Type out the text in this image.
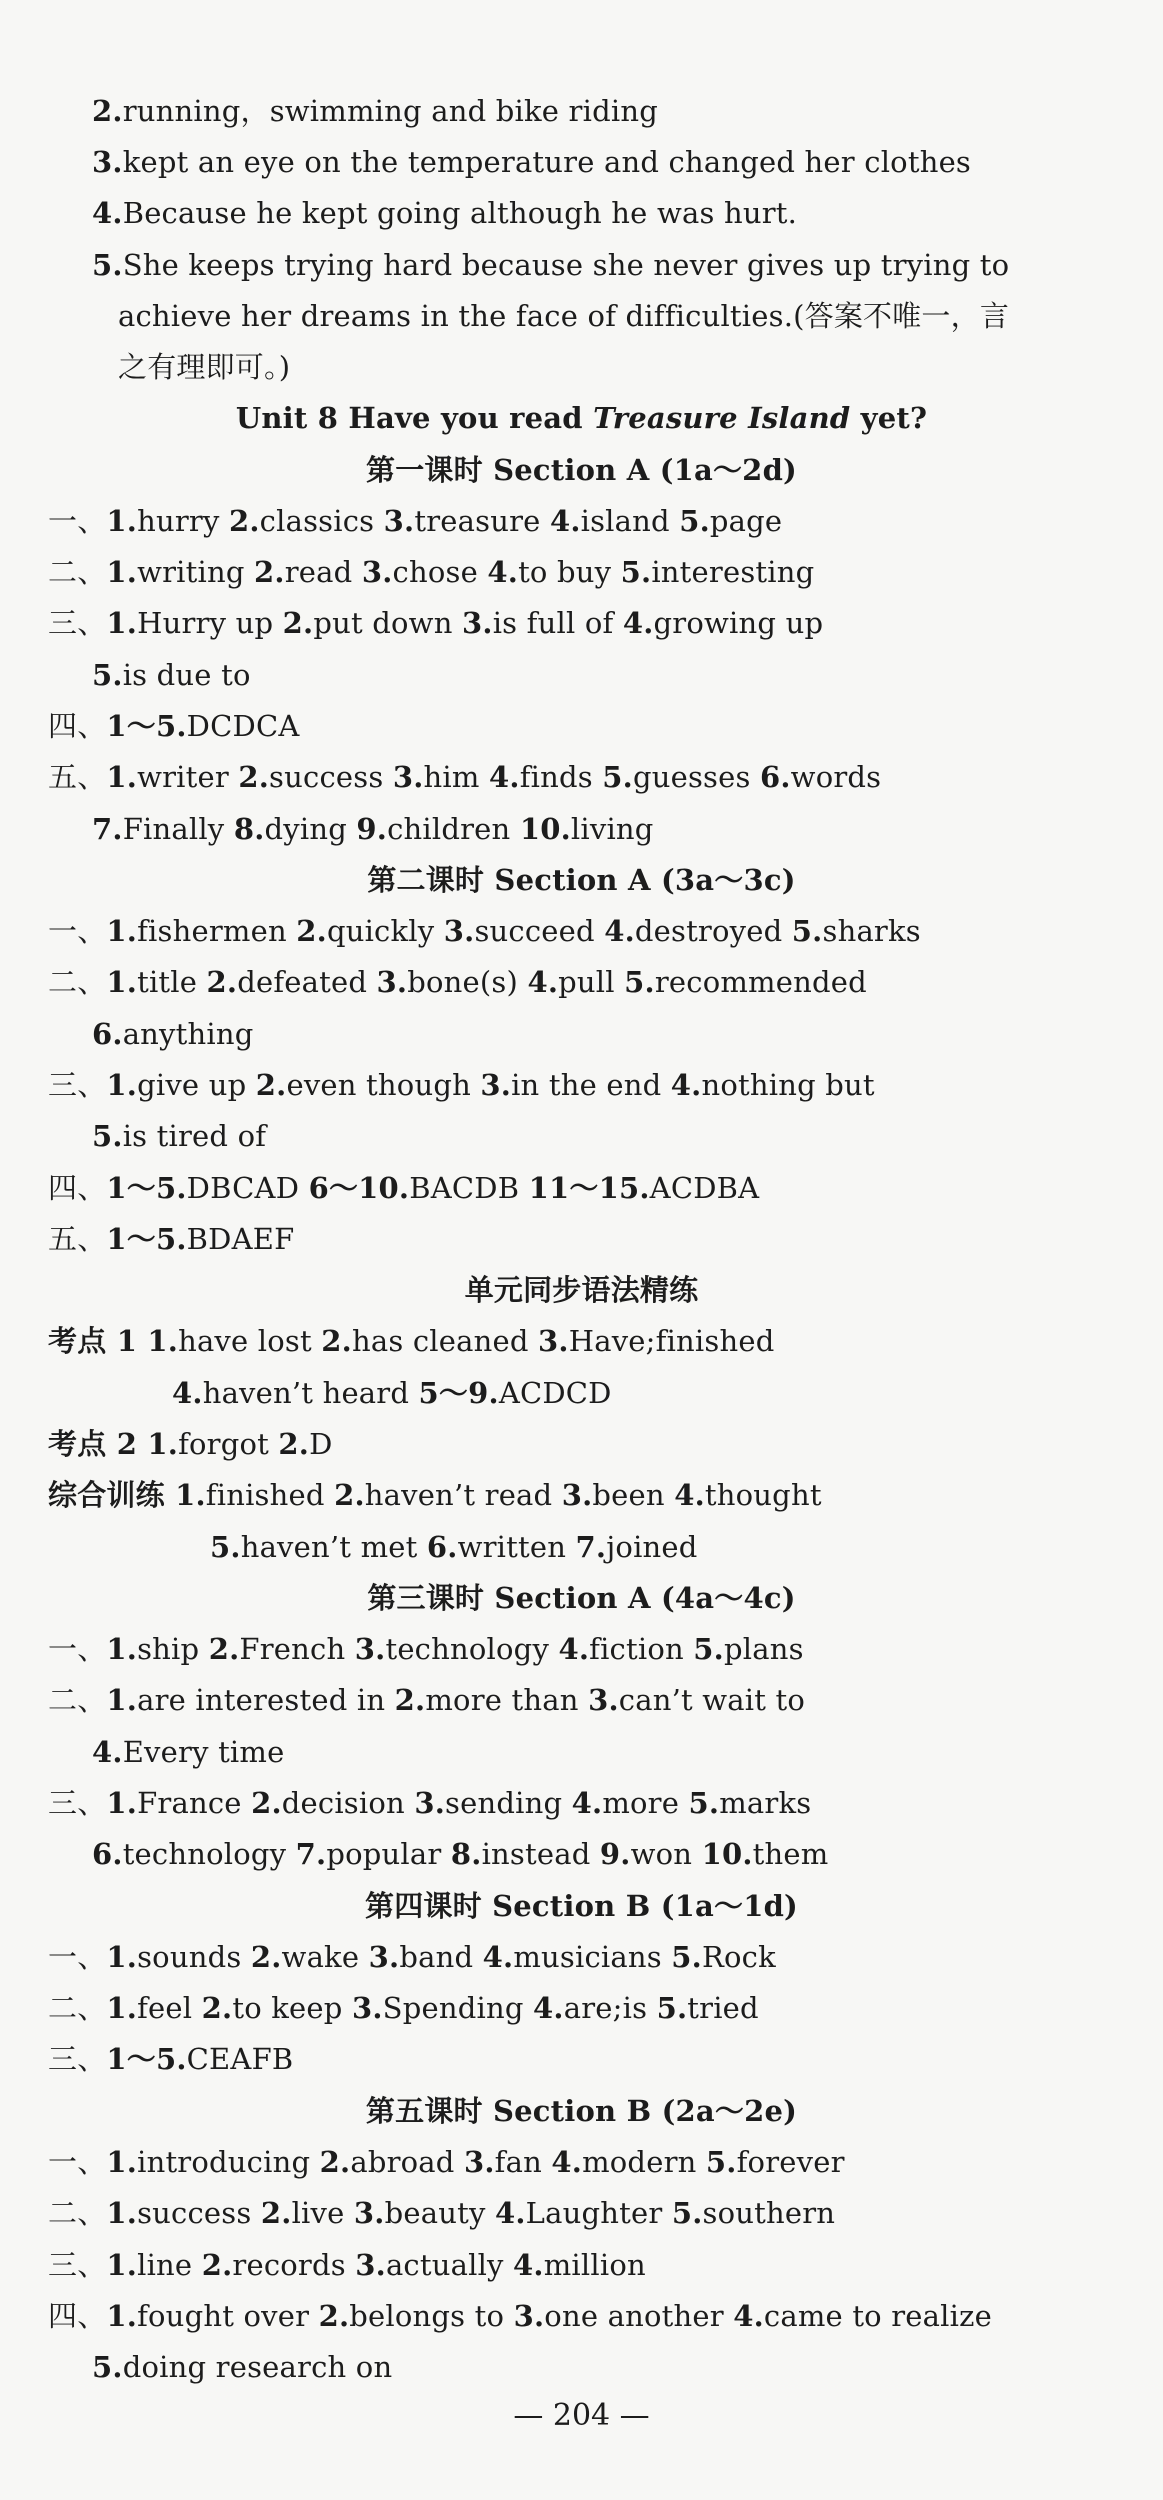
2.running，swimming and bike riding
3.kept an eye on the temperature and changed her clothes
4.Because he kept going although he was hurt.
5.She keeps trying hard because she never gives up trying to
achieve her dreams in the face of difficulties.(答案不唯一，言
之有理即可。)
Unit 8 Have you read Treasure Island yet?
第一课时 Section A (1a～2d)
一、1.hurry 2.classics 3.treasure 4.island 5.page
二、1.writing 2.read 3.chose 4.to buy 5.interesting
三、1.Hurry up 2.put down 3.is full of 4.growing up
5.is due to
四、1～5.DCDCA
五、1.writer 2.success 3.him 4.finds 5.guesses 6.words
7.Finally 8.dying 9.children 10.living
第二课时 Section A (3a～3c)
一、1.fishermen 2.quickly 3.succeed 4.destroyed 5.sharks
二、1.title 2.defeated 3.bone(s) 4.pull 5.recommended
6.anything
三、1.give up 2.even though 3.in the end 4.nothing but
5.is tired of
四、1～5.DBCAD 6～10.BACDB 11～15.ACDBA
五、1～5.BDAEF
单元同步语法精练
考点 1 1.have lost 2.has cleaned 3.Have;finished
4.haven’t heard 5～9.ACDCD
考点 2 1.forgot 2.D
综合训练 1.finished 2.haven’t read 3.been 4.thought
5.haven’t met 6.written 7.joined
第三课时 Section A (4a～4c)
一、1.ship 2.French 3.technology 4.fiction 5.plans
二、1.are interested in 2.more than 3.can’t wait to
4.Every time
三、1.France 2.decision 3.sending 4.more 5.marks
6.technology 7.popular 8.instead 9.won 10.them
第四课时 Section B (1a～1d)
一、1.sounds 2.wake 3.band 4.musicians 5.Rock
二、1.feel 2.to keep 3.Spending 4.are;is 5.tried
三、1～5.CEAFB
第五课时 Section B (2a～2e)
一、1.introducing 2.abroad 3.fan 4.modern 5.forever
二、1.success 2.live 3.beauty 4.Laughter 5.southern
三、1.line 2.records 3.actually 4.million
四、1.fought over 2.belongs to 3.one another 4.came to realize
5.doing research on
— 204 —
